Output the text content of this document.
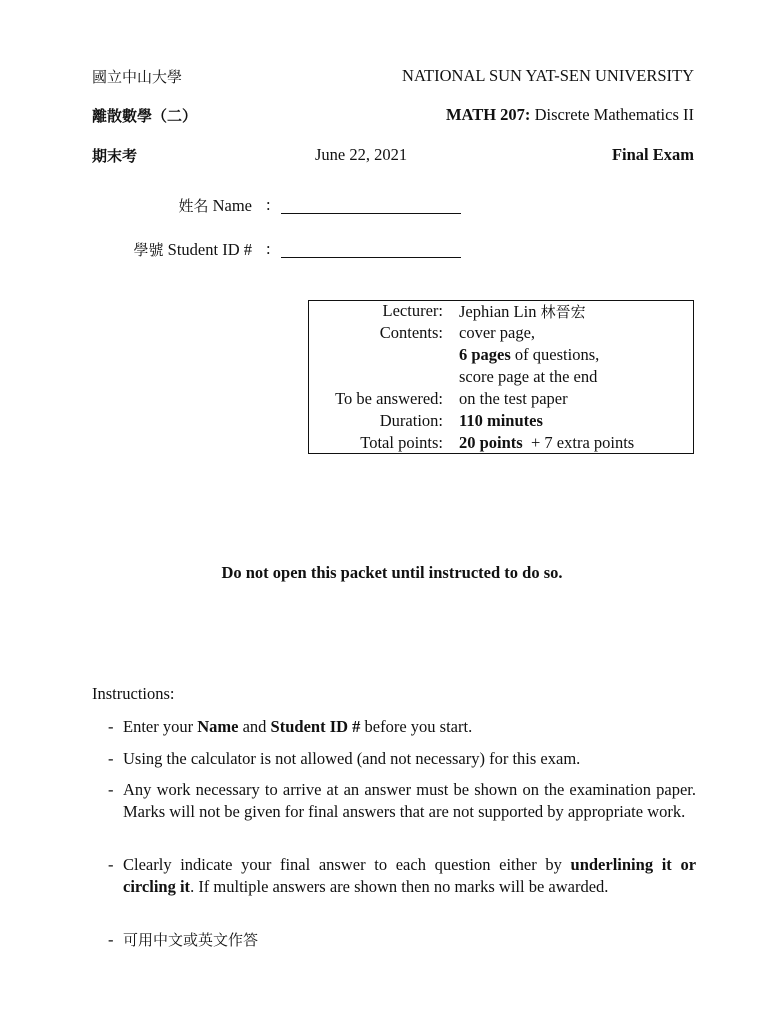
國立中山大學	NATIONAL SUN YAT-SEN UNIVERSITY
離散數學（二）	MATH 207: Discrete Mathematics II
期末考	June 22, 2021	Final Exam
姓名 Name :
學號 Student ID # :
Lecturer: Jephian Lin 林晉宏
Contents: cover page,
6 pages of questions,
score page at the end
To be answered: on the test paper
Duration: 110 minutes
Total points: 20 points + 7 extra points
Do not open this packet until instructed to do so.
Instructions:
- Enter your Name and Student ID # before you start.
- Using the calculator is not allowed (and not necessary) for this exam.
- Any work necessary to arrive at an answer must be shown on the examination paper. Marks will not be given for final answers that are not supported by appropriate work.
- Clearly indicate your final answer to each question either by underlining it or circling it. If multiple answers are shown then no marks will be awarded.
- 可用中文或英文作答
